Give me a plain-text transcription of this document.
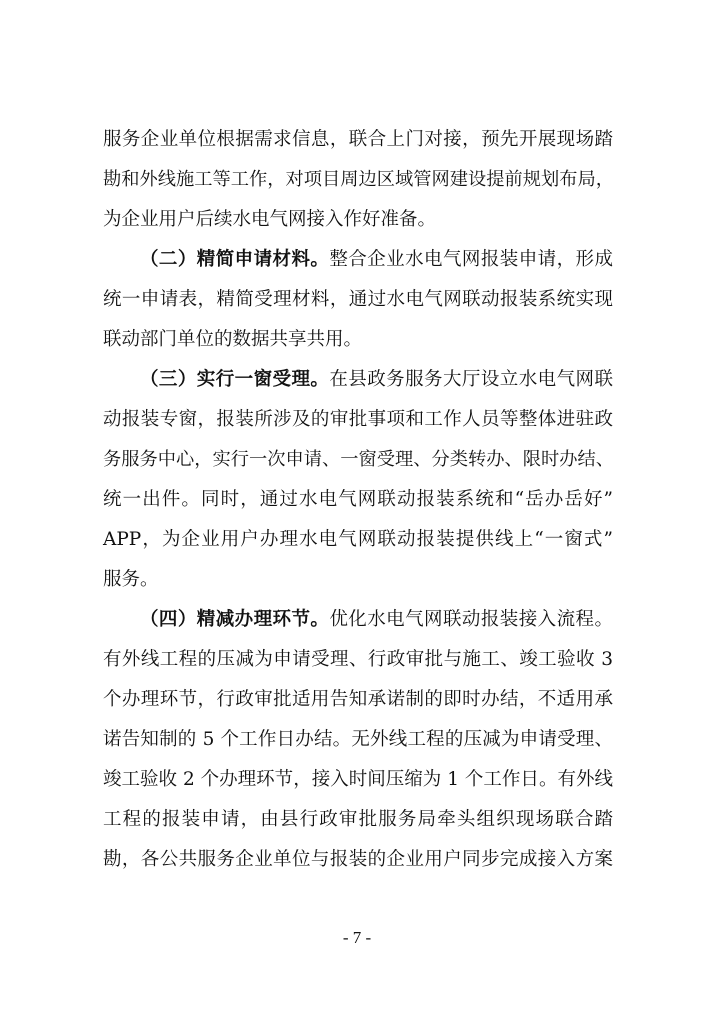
服务企业单位根据需求信息，联合上门对接，预先开展现场踏
勘和外线施工等工作，对项目周边区域管网建设提前规划布局，
为企业用户后续水电气网接入作好准备。
（二）精简申请材料。整合企业水电气网报装申请，形成
统一申请表，精简受理材料，通过水电气网联动报装系统实现
联动部门单位的数据共享共用。
（三）实行一窗受理。在县政务服务大厅设立水电气网联
动报装专窗，报装所涉及的审批事项和工作人员等整体进驻政
务服务中心，实行一次申请、一窗受理、分类转办、限时办结、
统一出件。同时，通过水电气网联动报装系统和“岳办岳好”
APP，为企业用户办理水电气网联动报装提供线上“一窗式”
服务。
（四）精减办理环节。优化水电气网联动报装接入流程。
有外线工程的压减为申请受理、行政审批与施工、竣工验收 3
个办理环节，行政审批适用告知承诺制的即时办结，不适用承
诺告知制的 5 个工作日办结。无外线工程的压减为申请受理、
竣工验收 2 个办理环节，接入时间压缩为 1 个工作日。有外线
工程的报装申请，由县行政审批服务局牵头组织现场联合踏
勘，各公共服务企业单位与报装的企业用户同步完成接入方案
- 7 -
